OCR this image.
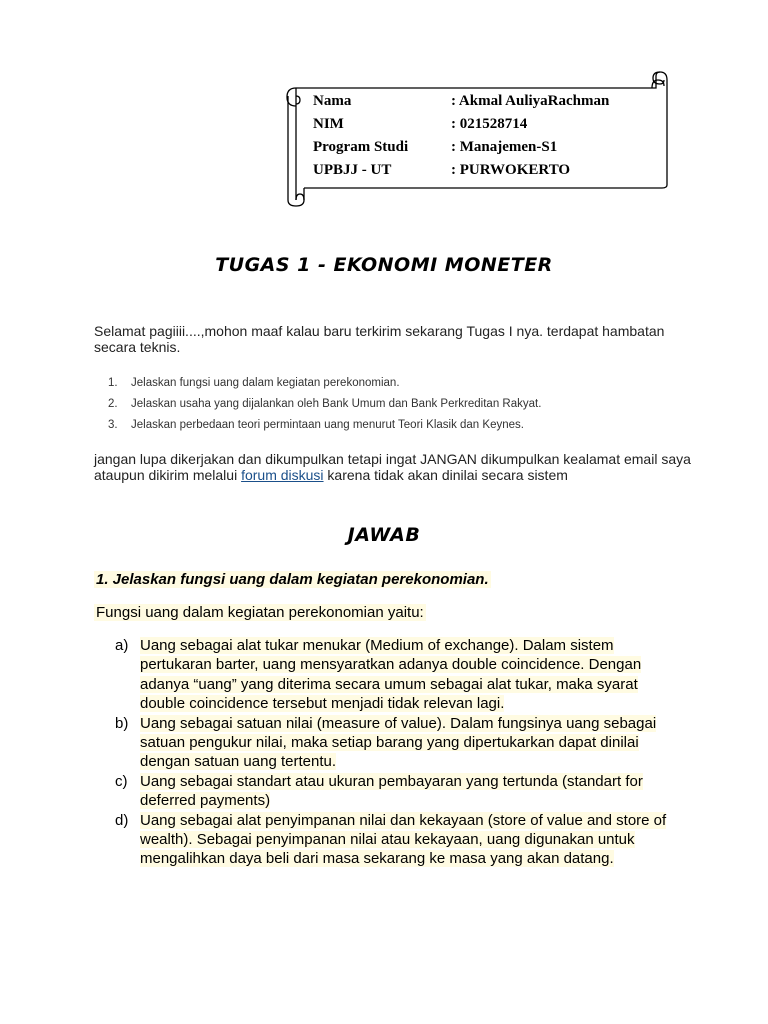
Nama	: Akmal AuliyaRachman
NIM	: 021528714
Program Studi	: Manajemen-S1
UPBJJ - UT	: PURWOKERTO
TUGAS 1 - EKONOMI MONETER
Selamat pagiiii....,mohon maaf kalau baru terkirim sekarang Tugas I nya. terdapat hambatan secara teknis.
1.	Jelaskan fungsi uang dalam kegiatan perekonomian.
2.	Jelaskan usaha yang dijalankan oleh Bank Umum dan Bank Perkreditan Rakyat.
3.	Jelaskan perbedaan teori permintaan uang menurut Teori Klasik dan Keynes.
jangan lupa dikerjakan dan dikumpulkan tetapi ingat JANGAN dikumpulkan kealamat email saya ataupun dikirim melalui forum diskusi karena tidak akan dinilai secara sistem
JAWAB
1. Jelaskan fungsi uang dalam kegiatan perekonomian.
Fungsi uang dalam kegiatan perekonomian yaitu:
a) Uang sebagai alat tukar menukar (Medium of exchange). Dalam sistem pertukaran barter, uang mensyaratkan adanya double coincidence. Dengan adanya “uang” yang diterima secara umum sebagai alat tukar, maka syarat double coincidence tersebut menjadi tidak relevan lagi.
b) Uang sebagai satuan nilai (measure of value). Dalam fungsinya uang sebagai satuan pengukur nilai, maka setiap barang yang dipertukarkan dapat dinilai dengan satuan uang tertentu.
c) Uang sebagai standart atau ukuran pembayaran yang tertunda (standart for deferred payments)
d) Uang sebagai alat penyimpanan nilai dan kekayaan (store of value and store of wealth). Sebagai penyimpanan nilai atau kekayaan, uang digunakan untuk mengalihkan daya beli dari masa sekarang ke masa yang akan datang.
